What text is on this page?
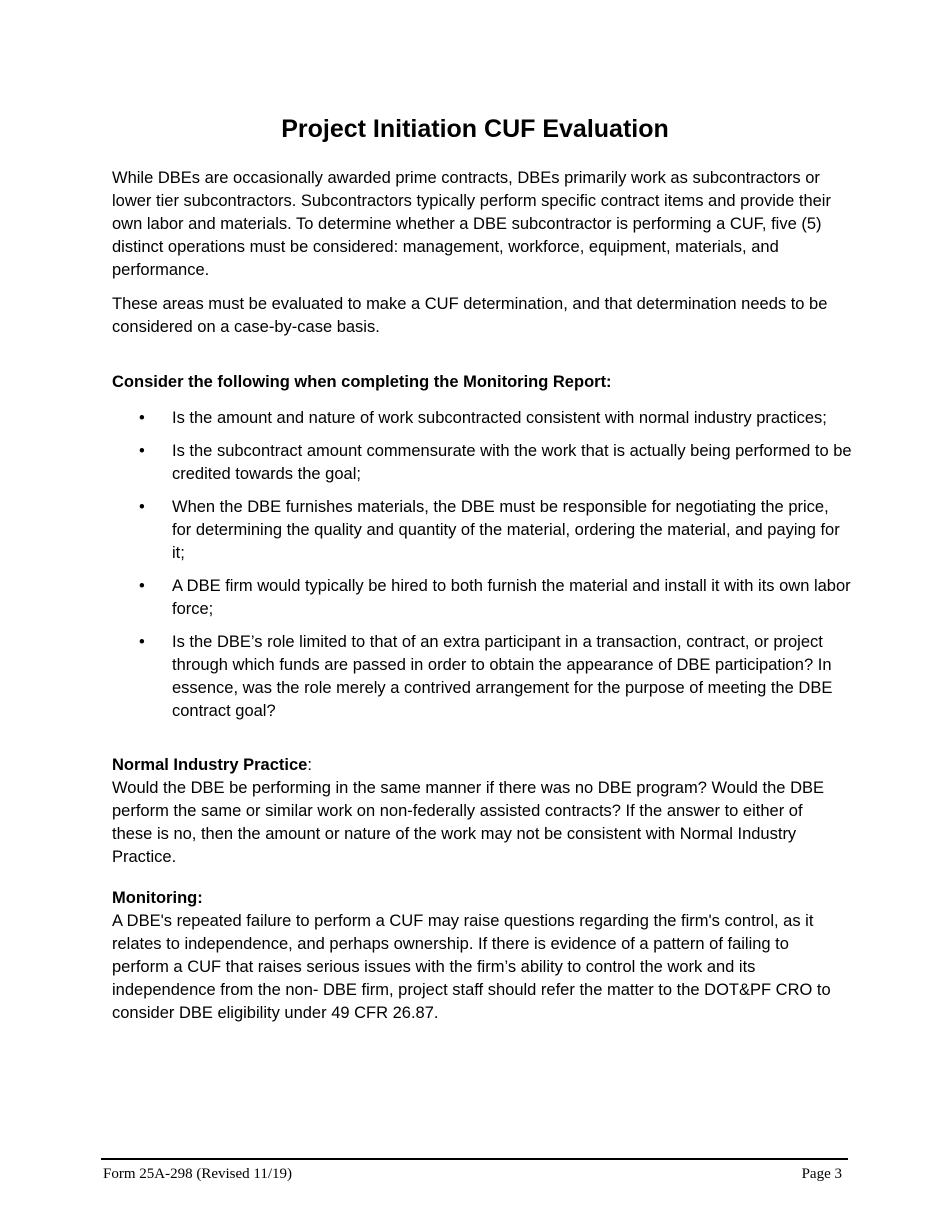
Project Initiation CUF Evaluation

While DBEs are occasionally awarded prime contracts, DBEs primarily work as subcontractors or lower tier subcontractors. Subcontractors typically perform specific contract items and provide their own labor and materials. To determine whether a DBE subcontractor is performing a CUF, five (5) distinct operations must be considered: management, workforce, equipment, materials, and performance.

These areas must be evaluated to make a CUF determination, and that determination needs to be considered on a case-by-case basis.

Consider the following when completing the Monitoring Report:

• Is the amount and nature of work subcontracted consistent with normal industry practices;
• Is the subcontract amount commensurate with the work that is actually being performed to be credited towards the goal;
• When the DBE furnishes materials, the DBE must be responsible for negotiating the price, for determining the quality and quantity of the material, ordering the material, and paying for it;
• A DBE firm would typically be hired to both furnish the material and install it with its own labor force;
• Is the DBE’s role limited to that of an extra participant in a transaction, contract, or project through which funds are passed in order to obtain the appearance of DBE participation? In essence, was the role merely a contrived arrangement for the purpose of meeting the DBE contract goal?
Normal Industry Practice:
Would the DBE be performing in the same manner if there was no DBE program? Would the DBE perform the same or similar work on non-federally assisted contracts? If the answer to either of these is no, then the amount or nature of the work may not be consistent with Normal Industry Practice.
Monitoring:
A DBE's repeated failure to perform a CUF may raise questions regarding the firm's control, as it relates to independence, and perhaps ownership. If there is evidence of a pattern of failing to perform a CUF that raises serious issues with the firm’s ability to control the work and its independence from the non- DBE firm, project staff should refer the matter to the DOT&PF CRO to consider DBE eligibility under 49 CFR 26.87.
Form 25A-298 (Revised 11/19)	Page 3
